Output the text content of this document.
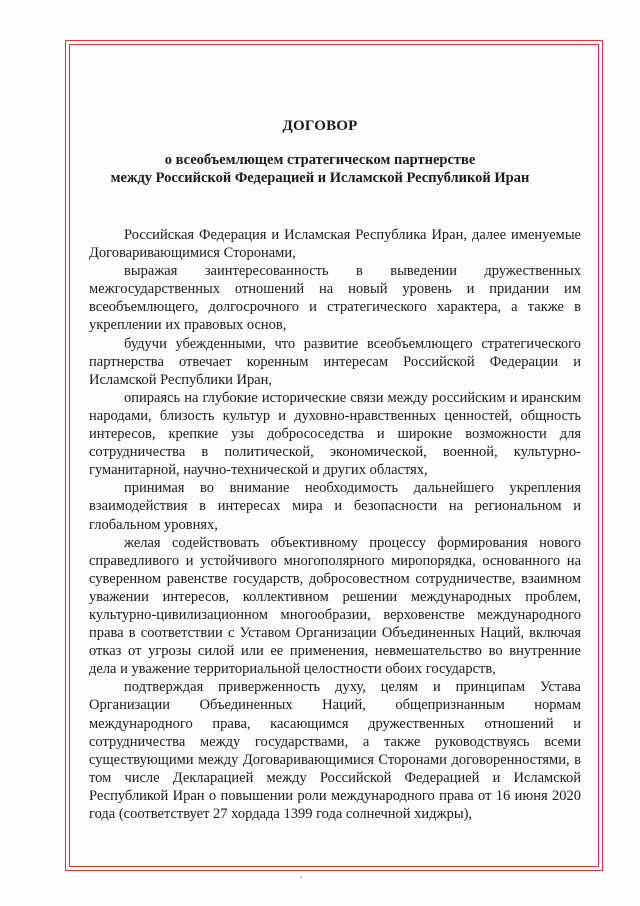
ДОГОВОР
о всеобъемлющем стратегическом партнерстве
между Российской Федерацией и Исламской Республикой Иран

Российская Федерация и Исламская Республика Иран, далее именуемые Договаривающимися Сторонами,

выражая заинтересованность в выведении дружественных межгосударственных отношений на новый уровень и придании им всеобъемлющего, долгосрочного и стратегического характера, а также в укреплении их правовых основ,

будучи убежденными, что развитие всеобъемлющего стратегического партнерства отвечает коренным интересам Российской Федерации и Исламской Республики Иран,

опираясь на глубокие исторические связи между российским и иранским народами, близость культур и духовно-нравственных ценностей, общность интересов, крепкие узы добрососедства и широкие возможности для сотрудничества в политической, экономической, военной, культурно-гуманитарной, научно-технической и других областях,

принимая во внимание необходимость дальнейшего укрепления взаимодействия в интересах мира и безопасности на региональном и глобальном уровнях,

желая содействовать объективному процессу формирования нового справедливого и устойчивого многополярного миропорядка, основанного на суверенном равенстве государств, добросовестном сотрудничестве, взаимном уважении интересов, коллективном решении международных проблем, культурно-цивилизационном многообразии, верховенстве международного права в соответствии с Уставом Организации Объединенных Наций, включая отказ от угрозы силой или ее применения, невмешательство во внутренние дела и уважение территориальной целостности обоих государств,

подтверждая приверженность духу, целям и принципам Устава Организации Объединенных Наций, общепризнанным нормам международного права, касающимся дружественных отношений и сотрудничества между государствами, а также руководствуясь всеми существующими между Договаривающимися Сторонами договоренностями, в том числе Декларацией между Российской Федерацией и Исламской Республикой Иран о повышении роли международного права от 16 июня 2020 года (соответствует 27 хордада 1399 года солнечной хиджры),
